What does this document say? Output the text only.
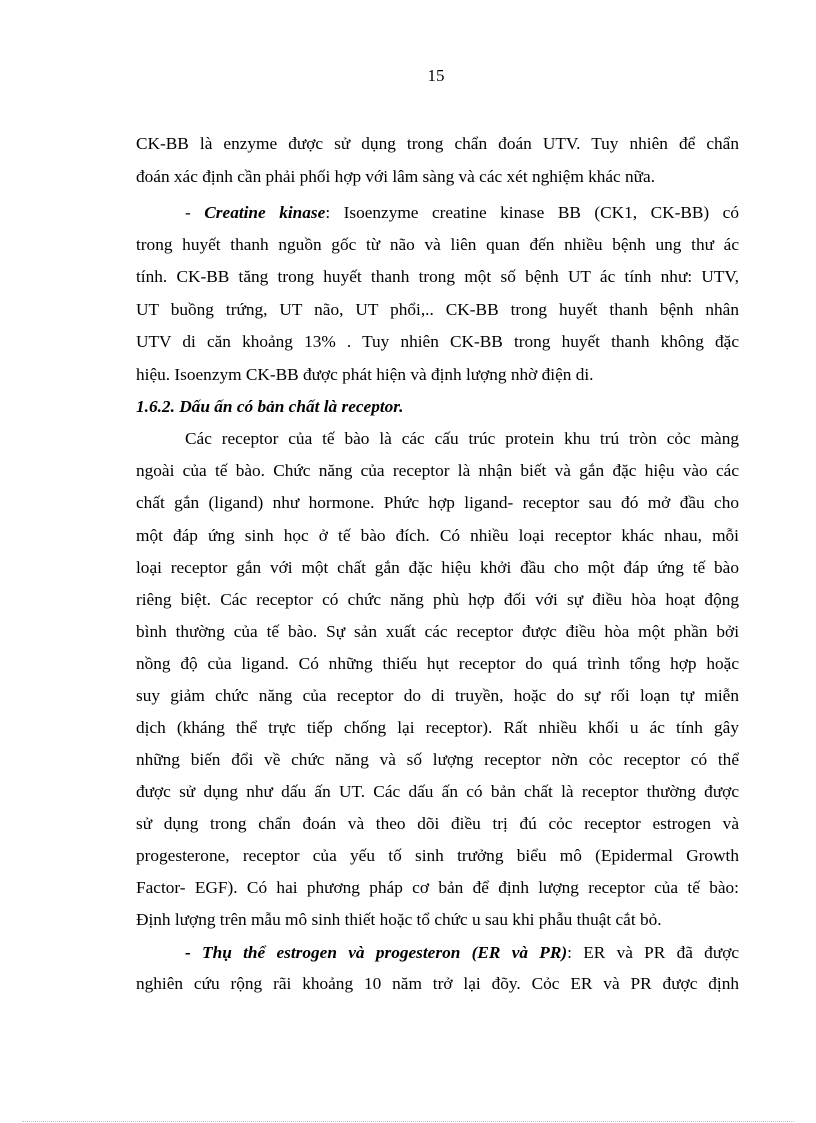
15
CK-BB là enzyme được sử dụng trong chẩn đoán UTV. Tuy nhiên để chẩn
đoán xác định cần phải phối hợp với lâm sàng và các xét nghiệm khác nữa.
- Creatine kinase: Isoenzyme creatine kinase BB (CK1, CK-BB) có
trong huyết thanh nguồn gốc từ não và liên quan đến nhiều bệnh ung thư ác
tính. CK-BB tăng trong huyết thanh trong một số bệnh UT ác tính như: UTV,
UT buồng trứng, UT não, UT phổi,.. CK-BB trong huyết thanh bệnh nhân
UTV di căn khoảng 13% . Tuy nhiên CK-BB trong huyết thanh không đặc
hiệu. Isoenzym CK-BB được phát hiện và định lượng nhờ điện di.
1.6.2. Dấu ấn có bản chất là receptor.
Các receptor của tế bào là các cấu trúc protein khu trú tròn cỏc màng
ngoài của tế bào. Chức năng của receptor là nhận biết và gắn đặc hiệu vào các
chất gắn (ligand) như hormone. Phức hợp ligand- receptor sau đó mở đầu cho
một đáp ứng sinh học ở tế bào đích. Có nhiều loại receptor khác nhau, mỗi
loại receptor gắn với một chất gắn đặc hiệu khởi đầu cho một đáp ứng tế bào
riêng biệt. Các receptor có chức năng phù hợp đối với sự điều hòa hoạt động
bình thường của tế bào. Sự sản xuất các receptor được điều hòa một phần bởi
nồng độ của ligand. Có những thiếu hụt receptor do quá trình tổng hợp hoặc
suy giảm chức năng của receptor do di truyền, hoặc do sự rối loạn tự miễn
dịch (kháng thể trực tiếp chống lại receptor). Rất nhiều khối u ác tính gây
những biến đổi về chức năng và số lượng receptor nờn cỏc receptor có thể
được sử dụng như dấu ấn UT. Các dấu ấn có bản chất là receptor thường được
sử dụng trong chẩn đoán và theo dõi điều trị đú cỏc receptor estrogen và
progesterone, receptor của yếu tố sinh trưởng biểu mô (Epidermal Growth
Factor- EGF). Có hai phương pháp cơ bản để định lượng receptor của tế bào:
Định lượng trên mẫu mô sinh thiết hoặc tổ chức u sau khi phẫu thuật cắt bỏ.
- Thụ thể estrogen và progesteron (ER và PR): ER và PR đã được
nghiên cứu rộng rãi khoảng 10 năm trở lại đõy. Cỏc ER và PR được định
